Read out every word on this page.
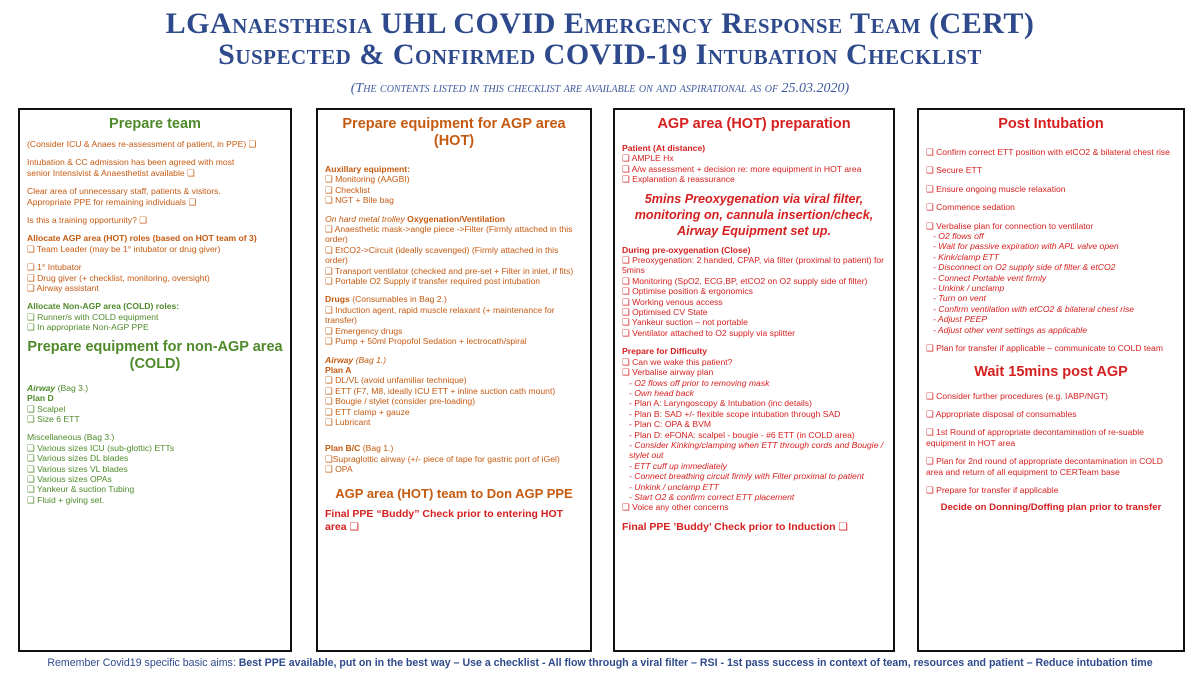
LGAnaesthesia UHL COVID Emergency Response Team (CERT)
Suspected & Confirmed COVID-19 Intubation Checklist
(The contents listed in this checklist are available on and aspirational as of 25.03.2020)
Prepare team
(Consider ICU & Anaes re-assessment of patient, in PPE) ❑
Intubation & CC admission has been agreed with most
senior Intensivist & Anaesthetist available ❑
Clear area of unnecessary staff, patients & visitors.
Appropriate PPE for remaining individuals ❑
Is this a training opportunity? ❑
Allocate AGP area (HOT) roles (based on HOT team of 3)
❑ Team Leader (may be 1° intubator or drug giver)
❑ 1° Intubator
❑ Drug giver (+ checklist, monitoring, oversight)
❑ Airway assistant
Allocate Non-AGP area (COLD) roles:
❑ Runner/s with COLD equipment
❑ In appropriate Non-AGP PPE
Prepare equipment for non-AGP area (COLD)
Airway (Bag 3.)
Plan D
❑ Scalpel
❑ Size 6 ETT
Miscellaneous (Bag 3.)
❑ Various sizes ICU (sub-glottic) ETTs
❑ Various sizes DL blades
❑ Various sizes VL blades
❑ Various sizes OPAs
❑ Yankeur & suction Tubing
❑ Fluid + giving set.
Prepare equipment for AGP area (HOT)
Auxillary equipment:
❑ Monitoring (AAGBI)
❑ Checklist
❑ NGT + Bile bag
On hard metal trolley Oxygenation/Ventilation
❑ Anaesthetic mask->angle piece ->Filter (Firmly attached in this order)
❑ EtCO2->Circuit (ideally scavenged) (Firmly attached in this order)
❑ Transport ventilator (checked and pre-set + Filter in inlet, if fits)
❑ Portable O2 Supply if transfer required post intubation
Drugs (Consumables in Bag 2.)
❑ Induction agent, rapid muscle relaxant (+ maintenance for transfer)
❑ Emergency drugs
❑ Pump + 50ml Propofol Sedation + lectrocath/spiral
Airway (Bag 1.)
Plan A
❑ DL/VL (avoid unfamiliar technique)
❑ ETT (F7, M8, ideally ICU ETT + inline suction cath mount)
❑ Bougie / stylet (consider pre-loading)
❑ ETT clamp + gauze
❑ Lubricant
Plan B/C (Bag 1.)
❑Supraglottic airway (+/- piece of tape for gastric port of iGel)
❑ OPA
AGP area (HOT) team to Don AGP PPE
Final PPE “Buddy” Check prior to entering HOT area ❑
AGP area (HOT) preparation
Patient (At distance)
❑ AMPLE Hx
❑ A/w assessment + decision re: more equipment in HOT area
❑ Explanation & reassurance
5mins Preoxygenation via viral filter, monitoring on, cannula insertion/check, Airway Equipment set up.
During pre-oxygenation (Close)
❑ Preoxygenation: 2 handed, CPAP, via filter (proximal to patient) for 5mins
❑ Monitoring (SpO2, ECG,BP, etCO2 on O2 supply side of filter)
❑ Optimise position & ergonomics
❑ Working venous access
❑ Optimised CV State
❑ Yankeur suction – not portable
❑ Ventilator attached to O2 supply via splitter
Prepare for Difficulty
❑ Can we wake this patient?
❑ Verbalise airway plan
- O2 flows off prior to removing mask
- Own head back
- Plan A: Laryngoscopy & Intubation (inc details)
- Plan B: SAD +/- flexible scope intubation through SAD
- Plan C: OPA & BVM
- Plan D: eFONA: scalpel - bougie - #6 ETT (in COLD area)
- Consider Kinking/clamping when ETT through cords and Bougie / stylet out
- ETT cuff up immediately
- Connect breathing circuit firmly with Filter proximal to patient
- Unkink / unclamp ETT
- Start O2 & confirm correct ETT placement
❑ Voice any other concerns
Final PPE ’Buddy’ Check prior to Induction ❑
Post Intubation
❑ Confirm correct ETT position with etCO2 & bilateral chest rise
❑ Secure ETT
❑ Ensure ongoing muscle relaxation
❑ Commence sedation
❑ Verbalise plan for connection to ventilator
- O2 flows off
- Wait for passive expiration with APL valve open
- Kink/clamp ETT
- Disconnect on O2 supply side of filter & etCO2
- Connect Portable vent firmly
- Unkink / unclamp
- Turn on vent
- Confirm ventilation with etCO2 & bilateral chest rise
- Adjust PEEP
- Adjust other vent settings as applicable
❑ Plan for transfer if applicable – communicate to COLD team
Wait 15mins post AGP
❑ Consider further procedures (e.g. IABP/NGT)
❑ Appropriate disposal of consumables
❑ 1st Round of appropriate decontamination of re-suable equipment in HOT area
❑ Plan for 2nd round of appropriate decontamination in COLD area and return of all equipment to CERTeam base
❑ Prepare for transfer if applicable
Decide on Donning/Doffing plan prior to transfer
Remember Covid19 specific basic aims: Best PPE available, put on in the best way – Use a checklist - All flow through a viral filter – RSI - 1st pass success in context of team, resources and patient – Reduce intubation time
